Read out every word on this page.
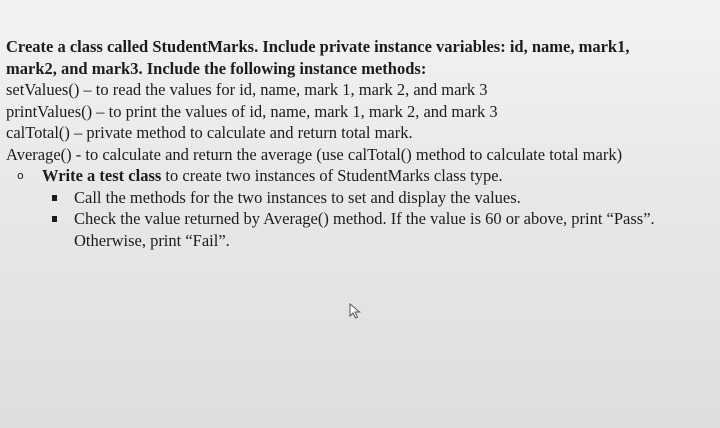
Create a class called StudentMarks. Include private instance variables: id, name, mark1,
mark2, and mark3. Include the following instance methods:
setValues() – to read the values for id, name, mark 1, mark 2, and mark 3
printValues() – to print the values of id, name, mark 1, mark 2, and mark 3
calTotal() – private method to calculate and return total mark.
Average() - to calculate and return the average (use calTotal() method to calculate total mark)
o Write a test class to create two instances of StudentMarks class type.
Call the methods for the two instances to set and display the values.
Check the value returned by Average() method. If the value is 60 or above, print “Pass”. Otherwise, print “Fail”.
